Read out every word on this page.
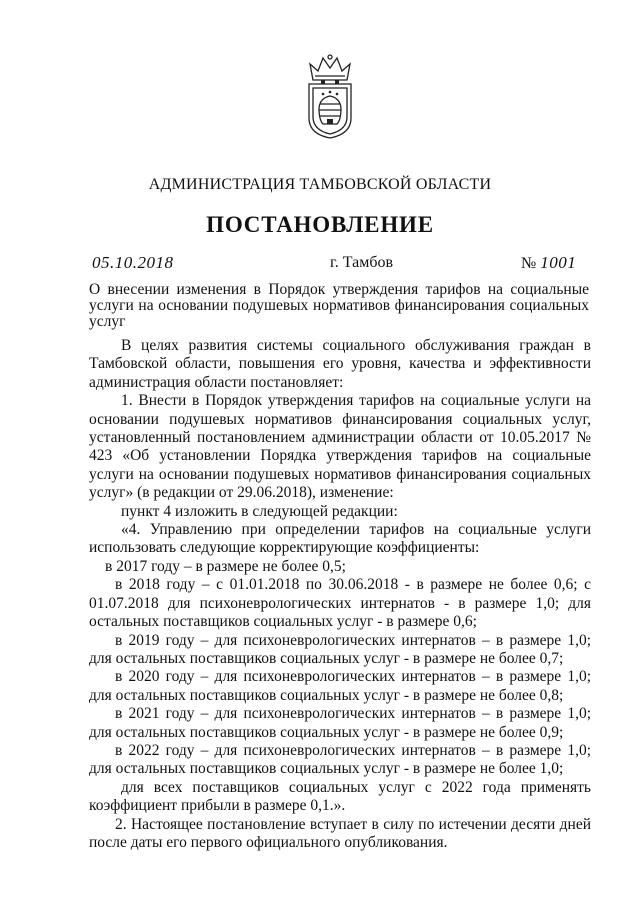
АДМИНИСТРАЦИЯ ТАМБОВСКОЙ ОБЛАСТИ
ПОСТАНОВЛЕНИЕ
05.10.2018	г. Тамбов	№ 1001
О внесении изменения в Порядок утверждения тарифов на социальные услуги на основании подушевых нормативов финансирования социальных услуг

В целях развития системы социального обслуживания граждан в Тамбовской области, повышения его уровня, качества и эффективности администрация области постановляет:

1. Внести в Порядок утверждения тарифов на социальные услуги на основании подушевых нормативов финансирования социальных услуг, установленный постановлением администрации области от 10.05.2017 № 423 «Об установлении Порядка утверждения тарифов на социальные услуги на основании подушевых нормативов финансирования социальных услуг» (в редакции от 29.06.2018), изменение:

пункт 4 изложить в следующей редакции:

«4. Управлению при определении тарифов на социальные услуги использовать следующие корректирующие коэффициенты:

в 2017 году – в размере не более 0,5;

в 2018 году – с 01.01.2018 по 30.06.2018 - в размере не более 0,6; с 01.07.2018 для психоневрологических интернатов - в размере 1,0; для остальных поставщиков социальных услуг - в размере 0,6;

в 2019 году – для психоневрологических интернатов – в размере 1,0; для остальных поставщиков социальных услуг - в размере не более 0,7;

в 2020 году – для психоневрологических интернатов – в размере 1,0; для остальных поставщиков социальных услуг - в размере не более 0,8;

в 2021 году – для психоневрологических интернатов – в размере 1,0; для остальных поставщиков социальных услуг - в размере не более 0,9;

в 2022 году – для психоневрологических интернатов – в размере 1,0; для остальных поставщиков социальных услуг - в размере не более 1,0;

для всех поставщиков социальных услуг с 2022 года применять коэффициент прибыли в размере 0,1.».

2. Настоящее постановление вступает в силу по истечении десяти дней после даты его первого официального опубликования.
